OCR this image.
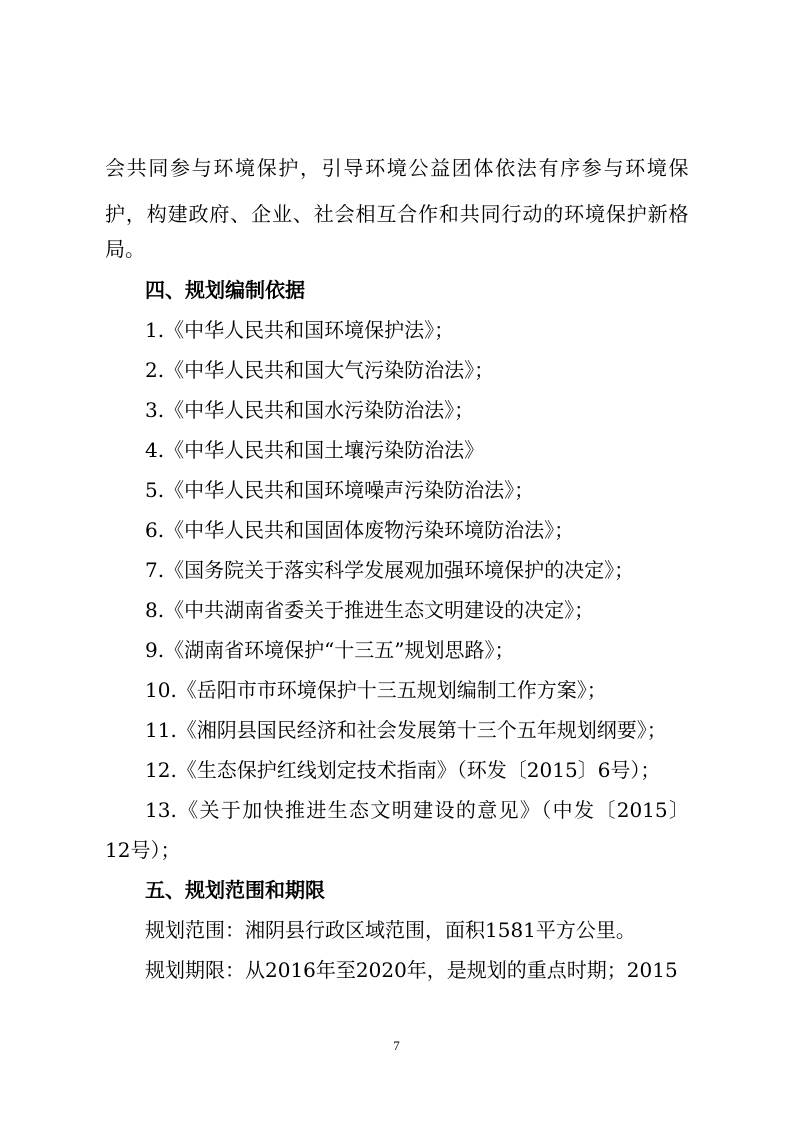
会共同参与环境保护，引导环境公益团体依法有序参与环境保
护，构建政府、企业、社会相互合作和共同行动的环境保护新格
局。
四、规划编制依据
1.《中华人民共和国环境保护法》；
2.《中华人民共和国大气污染防治法》；
3.《中华人民共和国水污染防治法》；
4.《中华人民共和国土壤污染防治法》
5.《中华人民共和国环境噪声污染防治法》；
6.《中华人民共和国固体废物污染环境防治法》；
7.《国务院关于落实科学发展观加强环境保护的决定》；
8.《中共湖南省委关于推进生态文明建设的决定》；
9.《湖南省环境保护“十三五”规划思路》；
10.《岳阳市市环境保护十三五规划编制工作方案》；
11.《湘阴县国民经济和社会发展第十三个五年规划纲要》；
12.《生态保护红线划定技术指南》（环发〔2015〕6号）；
13.《关于加快推进生态文明建设的意见》（中发〔2015〕
12号）；
五、规划范围和期限
规划范围：湘阴县行政区域范围，面积1581平方公里。
规划期限：从2016年至2020年，是规划的重点时期；2015
7
